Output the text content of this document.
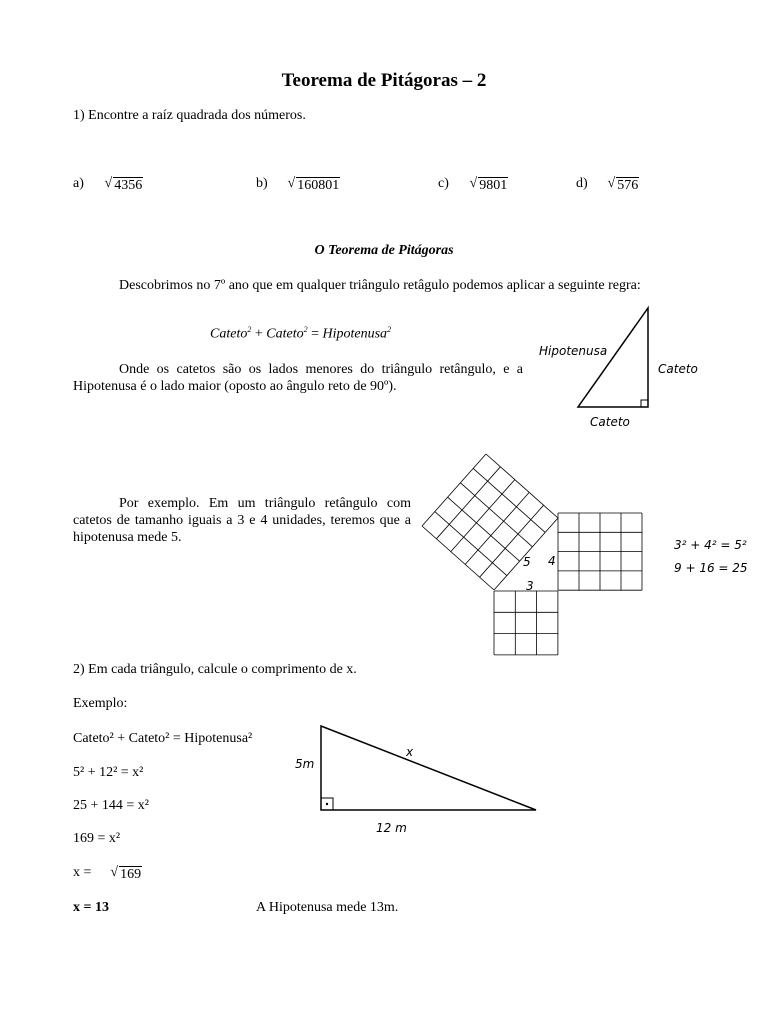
Teorema de Pitágoras – 2
1) Encontre a raíz quadrada dos números.
a) √ 4356	b) √ 160801	c) √ 9801	d) √ 576
O Teorema de Pitágoras
Descobrimos no 7º ano que em qualquer triângulo retâgulo podemos aplicar a seguinte regra:
Cateto$^2$ + Cateto$^2$ = Hipotenusa$^2$
Onde os catetos são os lados menores do triângulo retângulo, e a Hipotenusa é o lado maior (oposto ao ângulo reto de 90º).
Hipotenusa
Cateto
Cateto
Por exemplo. Em um triângulo retângulo com catetos de tamanho iguais a 3 e 4 unidades, teremos que a hipotenusa mede 5.
5 4
3
3² + 4² = 5²
9 + 16 = 25
2) Em cada triângulo, calcule o comprimento de x.
Exemplo:
Cateto² + Cateto² = Hipotenusa²
5² + 12² = x²
25 + 144 = x²
169 = x²
x = √ 169
x = 13	A Hipotenusa mede 13m.
5m
12 m
x
